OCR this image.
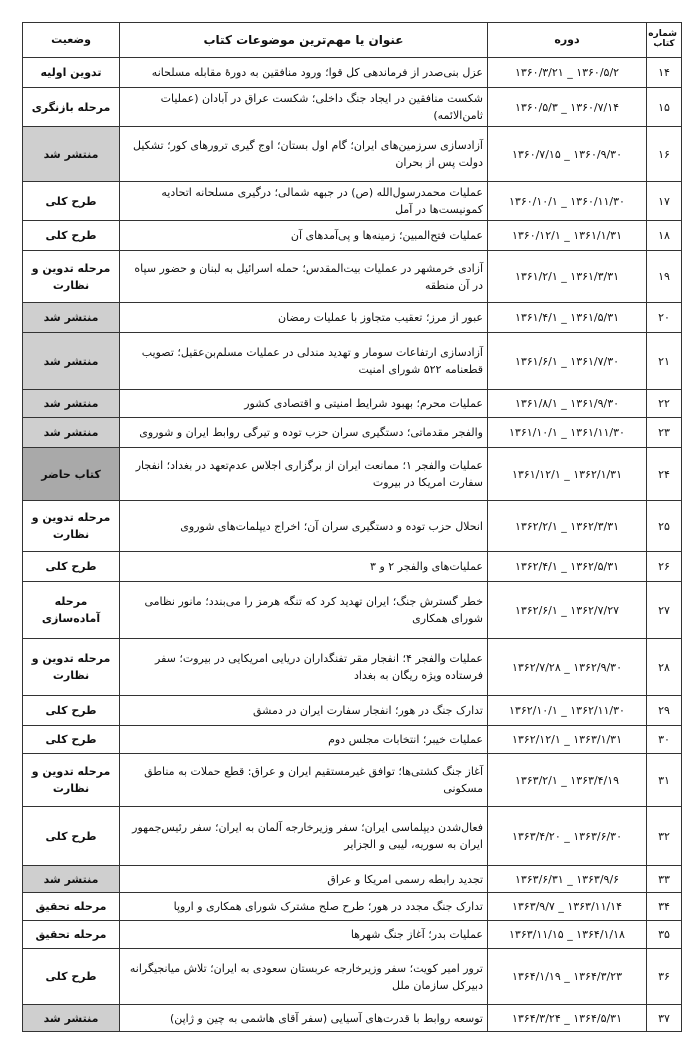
شماره کتاب	دوره	عنوان یا مهم‌ترین موضوعات کتاب	وضعیت
۱۴	۱۳۶۰/۳/۲۱ _ ۱۳۶۰/۵/۲	عزل بنی‌صدر از فرماندهی کل قوا؛ ورود منافقین به دورهٔ مقابله مسلحانه	تدوین اولیه
۱۵	۱۳۶۰/۵/۳ _ ۱۳۶۰/۷/۱۴	شکست منافقین در ایجاد جنگ داخلی؛ شکست عراق در آبادان (عملیات ثامن‌الائمه)	مرحله بازنگری
۱۶	۱۳۶۰/۷/۱۵ _ ۱۳۶۰/۹/۳۰	آزادسازی سرزمین‌های ایران؛ گام اول بستان؛ اوج گیری ترورهای کور؛ تشکیل دولت پس از بحران	منتشر شد
۱۷	۱۳۶۰/۱۰/۱ _ ۱۳۶۰/۱۱/۳۰	عملیات محمدرسول‌الله (ص) در جبهه شمالی؛ درگیری مسلحانه اتحادیه کمونیست‌ها در آمل	طرح کلی
۱۸	۱۳۶۰/۱۲/۱ _ ۱۳۶۱/۱/۳۱	عملیات فتح‌المبین؛ زمینه‌ها و پی‌آمدهای آن	طرح کلی
۱۹	۱۳۶۱/۲/۱ _ ۱۳۶۱/۳/۳۱	آزادی خرمشهر در عملیات بیت‌المقدس؛ حمله اسرائیل به لبنان و حضور سپاه در آن منطقه	مرحله تدوین و نظارت
۲۰	۱۳۶۱/۴/۱ _ ۱۳۶۱/۵/۳۱	عبور از مرز؛ تعقیب متجاوز با عملیات رمضان	منتشر شد
۲۱	۱۳۶۱/۶/۱ _ ۱۳۶۱/۷/۳۰	آزادسازی ارتفاعات سومار و تهدید مندلی در عملیات مسلم‌بن‌عقیل؛ تصویب قطعنامه ۵۲۲ شورای امنیت	منتشر شد
۲۲	۱۳۶۱/۸/۱ _ ۱۳۶۱/۹/۳۰	عملیات محرم؛ بهبود شرایط امنیتی و اقتصادی کشور	منتشر شد
۲۳	۱۳۶۱/۱۰/۱ _ ۱۳۶۱/۱۱/۳۰	والفجر مقدماتی؛ دستگیری سران حزب توده و تیرگی روابط ایران و شوروی	منتشر شد
۲۴	۱۳۶۱/۱۲/۱ _ ۱۳۶۲/۱/۳۱	عملیات والفجر ۱؛ ممانعت ایران از برگزاری اجلاس عدم‌تعهد در بغداد؛ انفجار سفارت امریکا در بیروت	کتاب حاضر
۲۵	۱۳۶۲/۲/۱ _ ۱۳۶۲/۳/۳۱	انحلال حزب توده و دستگیری سران آن؛ اخراج دیپلمات‌های شوروی	مرحله تدوین و نظارت
۲۶	۱۳۶۲/۴/۱ _ ۱۳۶۲/۵/۳۱	عملیات‌های والفجر ۲ و ۳	طرح کلی
۲۷	۱۳۶۲/۶/۱ _ ۱۳۶۲/۷/۲۷	خطر گسترش جنگ؛ ایران تهدید کرد که تنگه هرمز را می‌بندد؛ مانور نظامی شورای همکاری	مرحله آماده‌سازی
۲۸	۱۳۶۲/۷/۲۸ _ ۱۳۶۲/۹/۳۰	عملیات والفجر ۴؛ انفجار مقر تفنگداران دریایی امریکایی در بیروت؛ سفر فرستاده ویژه ریگان به بغداد	مرحله تدوین و نظارت
۲۹	۱۳۶۲/۱۰/۱ _ ۱۳۶۲/۱۱/۳۰	تدارک جنگ در هور؛ انفجار سفارت ایران در دمشق	طرح کلی
۳۰	۱۳۶۲/۱۲/۱ _ ۱۳۶۳/۱/۳۱	عملیات خیبر؛ انتخابات مجلس دوم	طرح کلی
۳۱	۱۳۶۳/۲/۱ _ ۱۳۶۳/۴/۱۹	آغاز جنگ کشتی‌ها؛ توافق غیرمستقیم ایران و عراق: قطع حملات به مناطق مسکونی	مرحله تدوین و نظارت
۳۲	۱۳۶۳/۴/۲۰ _ ۱۳۶۳/۶/۳۰	فعال‌شدن دیپلماسی ایران؛ سفر وزیرخارجه آلمان به ایران؛ سفر رئیس‌جمهور ایران به سوریه، لیبی و الجزایر	طرح کلی
۳۳	۱۳۶۳/۶/۳۱ _ ۱۳۶۳/۹/۶	تجدید رابطه رسمی امریکا و عراق	منتشر شد
۳۴	۱۳۶۳/۹/۷ _ ۱۳۶۳/۱۱/۱۴	تدارک جنگ مجدد در هور؛ طرح صلح مشترک شورای همکاری و اروپا	مرحله تحقیق
۳۵	۱۳۶۳/۱۱/۱۵ _ ۱۳۶۴/۱/۱۸	عملیات بدر؛ آغاز جنگ شهرها	مرحله تحقیق
۳۶	۱۳۶۴/۱/۱۹ _ ۱۳۶۴/۳/۲۳	ترور امیر کویت؛ سفر وزیرخارجه عربستان سعودی به ایران؛ تلاش میانجیگرانه دبیرکل سازمان ملل	طرح کلی
۳۷	۱۳۶۴/۳/۲۴ _ ۱۳۶۴/۵/۳۱	توسعه روابط با قدرت‌های آسیایی (سفر آقای هاشمی به چین و ژاپن)	منتشر شد
